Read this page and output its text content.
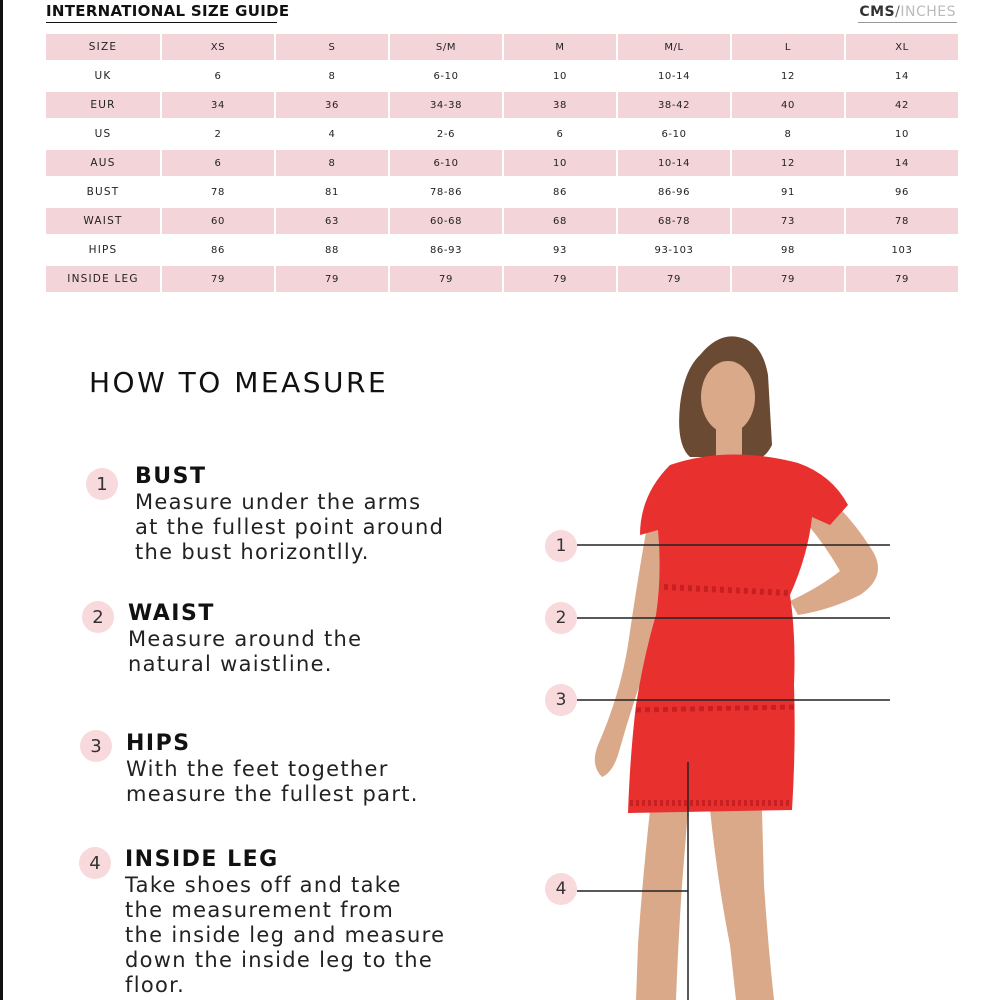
INTERNATIONAL SIZE GUIDE	CMS/INCHES
SIZE	XS	S	S/M	M	M/L	L	XL
UK	6	8	6-10	10	10-14	12	14
EUR	34	36	34-38	38	38-42	40	42
US	2	4	2-6	6	6-10	8	10
AUS	6	8	6-10	10	10-14	12	14
BUST	78	81	78-86	86	86-96	91	96
WAIST	60	63	60-68	68	68-78	73	78
HIPS	86	88	86-93	93	93-103	98	103
INSIDE LEG	79	79	79	79	79	79	79
HOW TO MEASURE
1	BUST
Measure under the arms
at the fullest point around
the bust horizontlly.
2	WAIST
Measure around the
natural waistline.
3	HIPS
With the feet together
measure the fullest part.
4	INSIDE LEG
Take shoes off and take
the measurement from
the inside leg and measure
down the inside leg to the
floor.
1
2
3
4
